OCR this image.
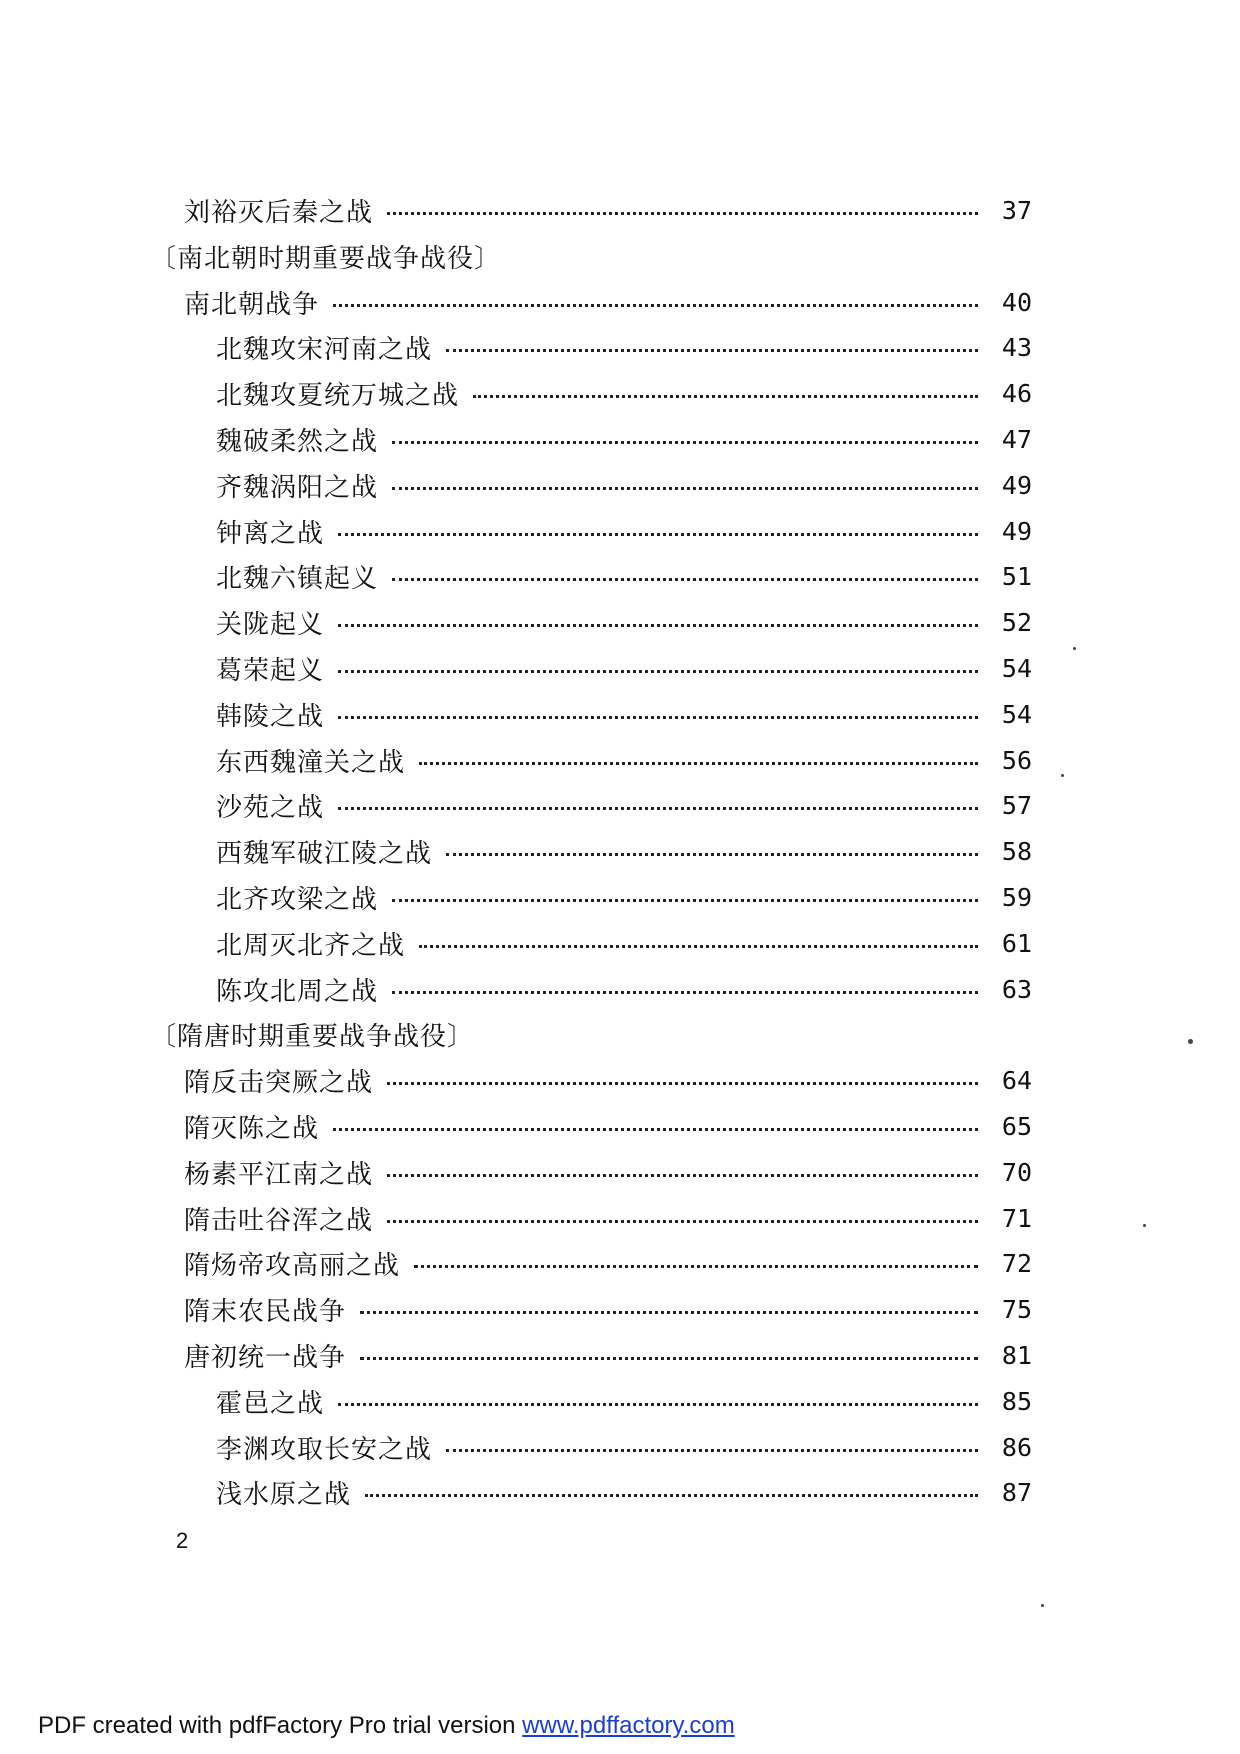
刘裕灭后秦之战	37
〔南北朝时期重要战争战役〕
南北朝战争	40
北魏攻宋河南之战	43
北魏攻夏统万城之战	46
魏破柔然之战	47
齐魏涡阳之战	49
钟离之战	49
北魏六镇起义	51
关陇起义	52
葛荣起义	54
韩陵之战	54
东西魏潼关之战	56
沙苑之战	57
西魏军破江陵之战	58
北齐攻梁之战	59
北周灭北齐之战	61
陈攻北周之战	63
〔隋唐时期重要战争战役〕
隋反击突厥之战	64
隋灭陈之战	65
杨素平江南之战	70
隋击吐谷浑之战	71
隋炀帝攻高丽之战	72
隋末农民战争	75
唐初统一战争	81
霍邑之战	85
李渊攻取长安之战	86
浅水原之战	87
2
PDF created with pdfFactory Pro trial version www.pdffactory.com
